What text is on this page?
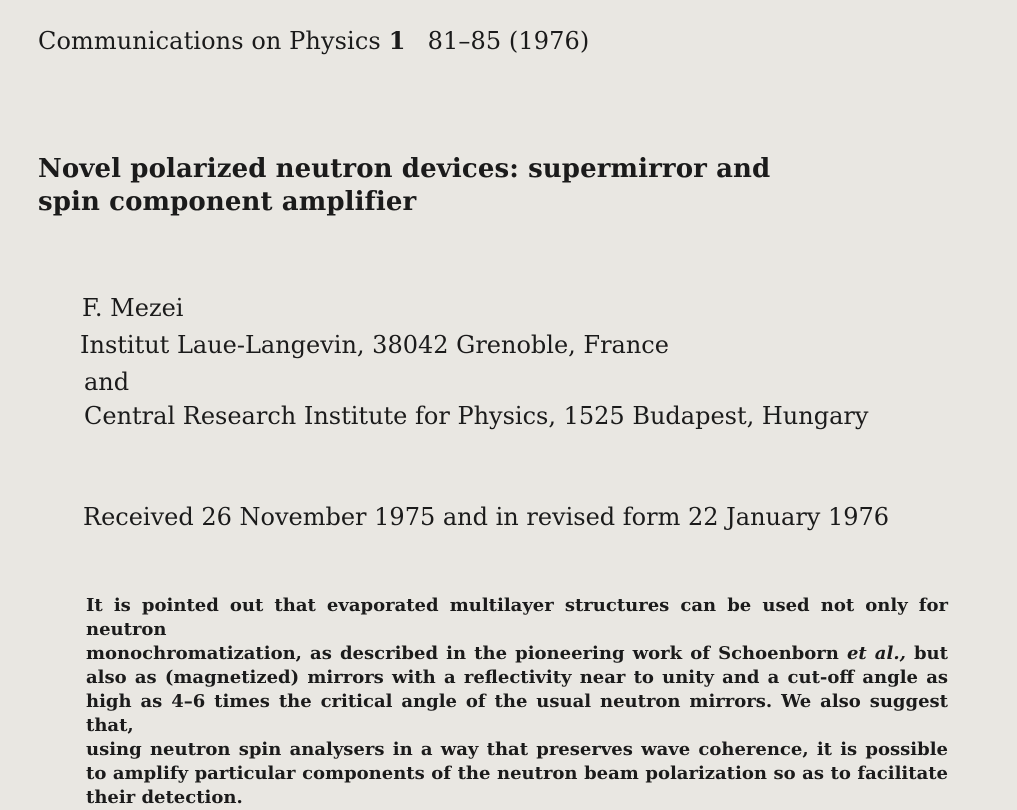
Communications on Physics 1 81–85 (1976)
Novel polarized neutron devices: supermirror and
spin component amplifier
F. Mezei
Institut Laue-Langevin, 38042 Grenoble, France
and
Central Research Institute for Physics, 1525 Budapest, Hungary
Received 26 November 1975 and in revised form 22 January 1976
It is pointed out that evaporated multilayer structures can be used not only for neutron
monochromatization, as described in the pioneering work of Schoenborn et al., but
also as (magnetized) mirrors with a reflectivity near to unity and a cut-off angle as
high as 4–6 times the critical angle of the usual neutron mirrors. We also suggest that,
using neutron spin analysers in a way that preserves wave coherence, it is possible
to amplify particular components of the neutron beam polarization so as to facilitate
their detection.
